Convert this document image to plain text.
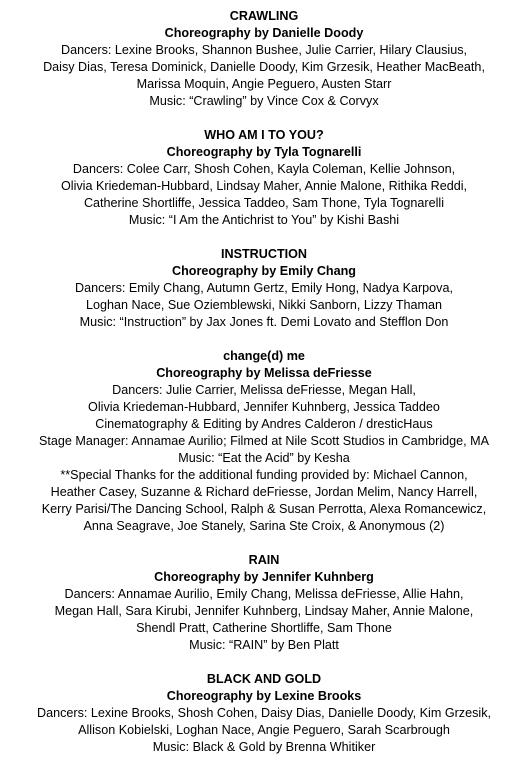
CRAWLING
Choreography by Danielle Doody
Dancers: Lexine Brooks, Shannon Bushee, Julie Carrier, Hilary Clausius,
Daisy Dias, Teresa Dominick, Danielle Doody, Kim Grzesik, Heather MacBeath,
Marissa Moquin, Angie Peguero, Austen Starr
Music: “Crawling” by Vince Cox & Corvyx
WHO AM I TO YOU?
Choreography by Tyla Tognarelli
Dancers: Colee Carr, Shosh Cohen, Kayla Coleman, Kellie Johnson,
Olivia Kriedeman-Hubbard, Lindsay Maher, Annie Malone, Rithika Reddi,
Catherine Shortliffe, Jessica Taddeo, Sam Thone, Tyla Tognarelli
Music: “I Am the Antichrist to You” by Kishi Bashi
INSTRUCTION
Choreography by Emily Chang
Dancers: Emily Chang, Autumn Gertz, Emily Hong, Nadya Karpova,
Loghan Nace, Sue Oziemblewski, Nikki Sanborn, Lizzy Thaman
Music: “Instruction” by Jax Jones ft. Demi Lovato and Stefflon Don
change(d) me
Choreography by Melissa deFriesse
Dancers: Julie Carrier, Melissa deFriesse, Megan Hall,
Olivia Kriedeman-Hubbard, Jennifer Kuhnberg, Jessica Taddeo
Cinematography & Editing by Andres Calderon / dresticHaus
Stage Manager: Annamae Aurilio; Filmed at Nile Scott Studios in Cambridge, MA
Music: “Eat the Acid” by Kesha
**Special Thanks for the additional funding provided by: Michael Cannon,
Heather Casey, Suzanne & Richard deFriesse, Jordan Melim, Nancy Harrell,
Kerry Parisi/The Dancing School, Ralph & Susan Perrotta, Alexa Romancewicz,
Anna Seagrave, Joe Stanely, Sarina Ste Croix, & Anonymous (2)
RAIN
Choreography by Jennifer Kuhnberg
Dancers: Annamae Aurilio, Emily Chang, Melissa deFriesse, Allie Hahn,
Megan Hall, Sara Kirubi, Jennifer Kuhnberg, Lindsay Maher, Annie Malone,
Shendl Pratt, Catherine Shortliffe, Sam Thone
Music: “RAIN” by Ben Platt
BLACK AND GOLD
Choreography by Lexine Brooks
Dancers: Lexine Brooks, Shosh Cohen, Daisy Dias, Danielle Doody, Kim Grzesik,
Allison Kobielski, Loghan Nace, Angie Peguero, Sarah Scarbrough
Music: Black & Gold by Brenna Whitiker
